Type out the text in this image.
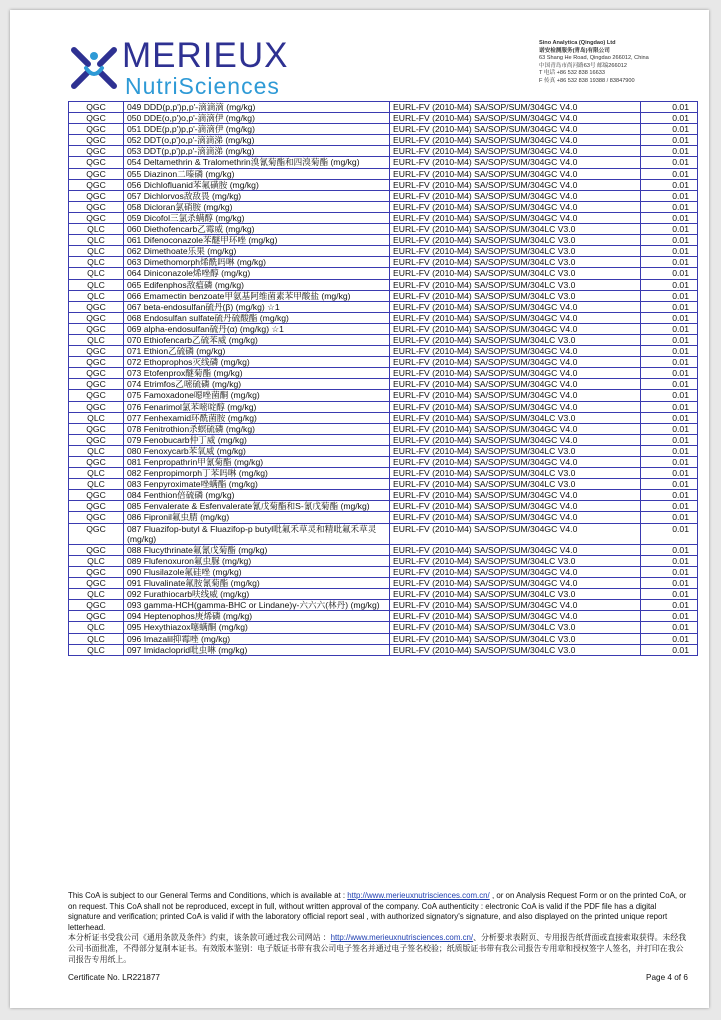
MERIEUX
NutriSciences
Sino Analytica (Qingdao) Ltd
诺安检测服务(青岛)有限公司
63 Shang He Road, Qingdao 266012, China
中国青岛市尚河路63号 邮编266012
T 电话 +86 532 838 16633
F 传真 +86 532 838 19388 / 83847900
QGC	049 DDD(p,p')p,p'-滴滴滴 (mg/kg)	EURL-FV (2010-M4) SA/SOP/SUM/304GC V4.0	0.01
QGC	050 DDE(o,p')o,p'-滴滴伊 (mg/kg)	EURL-FV (2010-M4) SA/SOP/SUM/304GC V4.0	0.01
QGC	051 DDE(p,p')p,p'-滴滴伊 (mg/kg)	EURL-FV (2010-M4) SA/SOP/SUM/304GC V4.0	0.01
QGC	052 DDT(o,p')o,p'-滴滴涕 (mg/kg)	EURL-FV (2010-M4) SA/SOP/SUM/304GC V4.0	0.01
QGC	053 DDT(p,p')p,p'-滴滴涕 (mg/kg)	EURL-FV (2010-M4) SA/SOP/SUM/304GC V4.0	0.01
QGC	054 Deltamethrin & Tralomethrin溴氰菊酯和四溴菊酯 (mg/kg)	EURL-FV (2010-M4) SA/SOP/SUM/304GC V4.0	0.01
QGC	055 Diazinon二嗪磷 (mg/kg)	EURL-FV (2010-M4) SA/SOP/SUM/304GC V4.0	0.01
QGC	056 Dichlofluanid苯氟磺胺 (mg/kg)	EURL-FV (2010-M4) SA/SOP/SUM/304GC V4.0	0.01
QGC	057 Dichlorvos敌敌畏 (mg/kg)	EURL-FV (2010-M4) SA/SOP/SUM/304GC V4.0	0.01
QGC	058 Dicloran氯硝胺 (mg/kg)	EURL-FV (2010-M4) SA/SOP/SUM/304GC V4.0	0.01
QGC	059 Dicofol三氯杀螨醇 (mg/kg)	EURL-FV (2010-M4) SA/SOP/SUM/304GC V4.0	0.01
QLC	060 Diethofencarb乙霉威 (mg/kg)	EURL-FV (2010-M4) SA/SOP/SUM/304LC V3.0	0.01
QLC	061 Difenoconazole苯醚甲环唑 (mg/kg)	EURL-FV (2010-M4) SA/SOP/SUM/304LC V3.0	0.01
QLC	062 Dimethoate乐果 (mg/kg)	EURL-FV (2010-M4) SA/SOP/SUM/304LC V3.0	0.01
QLC	063 Dimethomorph烯酰吗啉 (mg/kg)	EURL-FV (2010-M4) SA/SOP/SUM/304LC V3.0	0.01
QLC	064 Diniconazole烯唑醇 (mg/kg)	EURL-FV (2010-M4) SA/SOP/SUM/304LC V3.0	0.01
QLC	065 Edifenphos敌瘟磷 (mg/kg)	EURL-FV (2010-M4) SA/SOP/SUM/304LC V3.0	0.01
QLC	066 Emamectin benzoate甲氨基阿维菌素苯甲酸盐 (mg/kg)	EURL-FV (2010-M4) SA/SOP/SUM/304LC V3.0	0.01
QGC	067 beta-endosulfan硫丹(β) (mg/kg) ☆1	EURL-FV (2010-M4) SA/SOP/SUM/304GC V4.0	0.01
QGC	068 Endosulfan sulfate硫丹硫酸酯 (mg/kg)	EURL-FV (2010-M4) SA/SOP/SUM/304GC V4.0	0.01
QGC	069 alpha-endosulfan硫丹(α) (mg/kg) ☆1	EURL-FV (2010-M4) SA/SOP/SUM/304GC V4.0	0.01
QLC	070 Ethiofencarb乙硫苯威 (mg/kg)	EURL-FV (2010-M4) SA/SOP/SUM/304LC V3.0	0.01
QGC	071 Ethion乙硫磷 (mg/kg)	EURL-FV (2010-M4) SA/SOP/SUM/304GC V4.0	0.01
QGC	072 Ethoprophos灭线磷 (mg/kg)	EURL-FV (2010-M4) SA/SOP/SUM/304GC V4.0	0.01
QGC	073 Etofenprox醚菊酯 (mg/kg)	EURL-FV (2010-M4) SA/SOP/SUM/304GC V4.0	0.01
QGC	074 Etrimfos乙嘧硫磷 (mg/kg)	EURL-FV (2010-M4) SA/SOP/SUM/304GC V4.0	0.01
QGC	075 Famoxadone噁唑菌酮 (mg/kg)	EURL-FV (2010-M4) SA/SOP/SUM/304GC V4.0	0.01
QGC	076 Fenarimol氯苯嘧啶醇 (mg/kg)	EURL-FV (2010-M4) SA/SOP/SUM/304GC V4.0	0.01
QLC	077 Fenhexamid环酰菌胺 (mg/kg)	EURL-FV (2010-M4) SA/SOP/SUM/304LC V3.0	0.01
QGC	078 Fenitrothion杀螟硫磷 (mg/kg)	EURL-FV (2010-M4) SA/SOP/SUM/304GC V4.0	0.01
QGC	079 Fenobucarb仲丁威 (mg/kg)	EURL-FV (2010-M4) SA/SOP/SUM/304GC V4.0	0.01
QLC	080 Fenoxycarb苯氧威 (mg/kg)	EURL-FV (2010-M4) SA/SOP/SUM/304LC V3.0	0.01
QGC	081 Fenpropathrin甲氰菊酯 (mg/kg)	EURL-FV (2010-M4) SA/SOP/SUM/304GC V4.0	0.01
QLC	082 Fenpropimorph丁苯吗啉 (mg/kg)	EURL-FV (2010-M4) SA/SOP/SUM/304LC V3.0	0.01
QLC	083 Fenpyroximate唑螨酯 (mg/kg)	EURL-FV (2010-M4) SA/SOP/SUM/304LC V3.0	0.01
QGC	084 Fenthion倍硫磷 (mg/kg)	EURL-FV (2010-M4) SA/SOP/SUM/304GC V4.0	0.01
QGC	085 Fenvalerate & Esfenvalerate氰戊菊酯和S-氰戊菊酯 (mg/kg)	EURL-FV (2010-M4) SA/SOP/SUM/304GC V4.0	0.01
QGC	086 Fipronil氟虫腈 (mg/kg)	EURL-FV (2010-M4) SA/SOP/SUM/304GC V4.0	0.01
QGC	087 Fluazifop-butyl & Fluazifop-p butyl吡氟禾草灵和精吡氟禾草灵 (mg/kg)	EURL-FV (2010-M4) SA/SOP/SUM/304GC V4.0	0.01
QGC	088 Flucythrinate氟氰戊菊酯 (mg/kg)	EURL-FV (2010-M4) SA/SOP/SUM/304GC V4.0	0.01
QLC	089 Flufenoxuron氟虫脲 (mg/kg)	EURL-FV (2010-M4) SA/SOP/SUM/304LC V3.0	0.01
QGC	090 Flusilazole氟硅唑 (mg/kg)	EURL-FV (2010-M4) SA/SOP/SUM/304GC V4.0	0.01
QGC	091 Fluvalinate氟胺氰菊酯 (mg/kg)	EURL-FV (2010-M4) SA/SOP/SUM/304GC V4.0	0.01
QLC	092 Furathiocarb呋线威 (mg/kg)	EURL-FV (2010-M4) SA/SOP/SUM/304LC V3.0	0.01
QGC	093 gamma-HCH(gamma-BHC or Lindane)γ-六六六(林丹) (mg/kg)	EURL-FV (2010-M4) SA/SOP/SUM/304GC V4.0	0.01
QGC	094 Heptenophos庚烯磷 (mg/kg)	EURL-FV (2010-M4) SA/SOP/SUM/304GC V4.0	0.01
QLC	095 Hexythiazox噻螨酮 (mg/kg)	EURL-FV (2010-M4) SA/SOP/SUM/304LC V3.0	0.01
QLC	096 Imazalil抑霉唑 (mg/kg)	EURL-FV (2010-M4) SA/SOP/SUM/304LC V3.0	0.01
QLC	097 Imidacloprid吡虫啉 (mg/kg)	EURL-FV (2010-M4) SA/SOP/SUM/304LC V3.0	0.01
This CoA is subject to our General Terms and Conditions, which is available at : http://www.merieuxnutrisciences.com.cn/ , or on Analysis Request Form or on the printed CoA, or on request. This CoA shall not be reproduced, except in full, without written approval of the company. CoA authenticity : electronic CoA is valid if the PDF file has a digital signature and verification; printed CoA is valid if with the laboratory official report seal , with authorized signatory's signature, and also displayed on the printed unique report letterhead.
本分析证书受我公司《通用条款及条件》约束，该条款可通过我公司网站 ：http://www.merieuxnutrisciences.com.cn/、分析要求表附页、专用报告纸背面或直接索取获得。未经我公司书面批准，不得部分复制本证书。有效版本鉴别：电子版证书带有我公司电子签名并通过电子签名校验；纸质版证书带有我公司报告专用章和授权签字人签名，并打印在我公司报告专用纸上。
Certificate No. LR221877	Page 4 of 6
